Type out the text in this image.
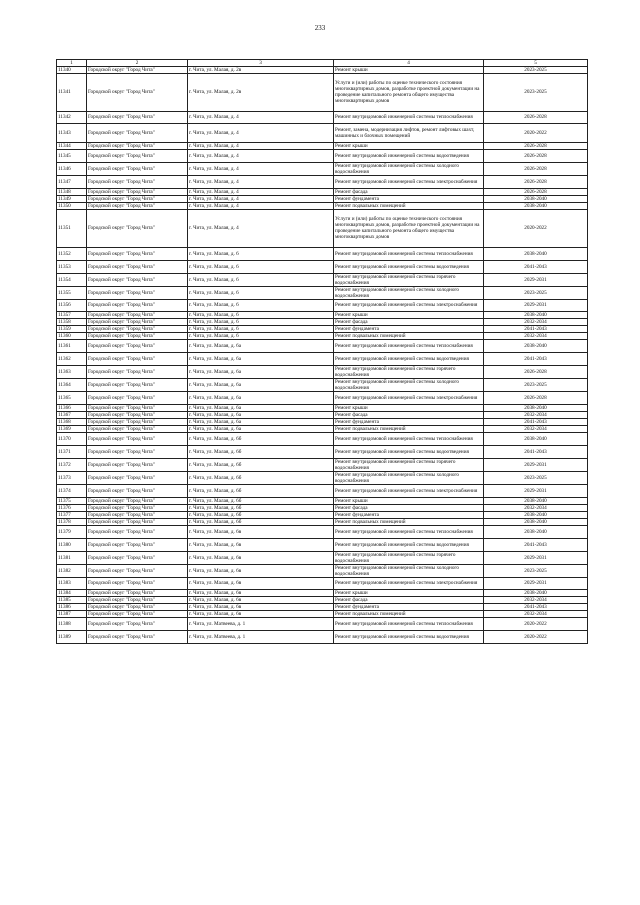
233
1	2	3	4	5
11340	Городской округ "Город Чита"	г. Чита, ул. Малая, д. 2в	Ремонт крыши	2023-2025
11341	Городской округ "Город Чита"	г. Чита, ул. Малая, д. 2в	Услуги и (или) работы по оценке технического состояния многоквартирных домов, разработке проектной документации на проведение капитального ремонта общего имущества многоквартирных домов	2023-2025
11342	Городской округ "Город Чита"	г. Чита, ул. Малая, д. 4	Ремонт внутридомовой инженерной системы теплоснабжения	2026-2028
11343	Городской округ "Город Чита"	г. Чита, ул. Малая, д. 4	Ремонт, замена, модернизация лифтов, ремонт лифтовых шахт, машинных и блочных помещений	2020-2022
11344	Городской округ "Город Чита"	г. Чита, ул. Малая, д. 4	Ремонт крыши	2026-2028
11345	Городской округ "Город Чита"	г. Чита, ул. Малая, д. 4	Ремонт внутридомовой инженерной системы водоотведения	2026-2028
11346	Городской округ "Город Чита"	г. Чита, ул. Малая, д. 4	Ремонт внутридомовой инженерной системы холодного водоснабжения	2026-2028
11347	Городской округ "Город Чита"	г. Чита, ул. Малая, д. 4	Ремонт внутридомовой инженерной системы электроснабжения	2026-2028
11348	Городской округ "Город Чита"	г. Чита, ул. Малая, д. 4	Ремонт фасада	2026-2028
11349	Городской округ "Город Чита"	г. Чита, ул. Малая, д. 4	Ремонт фундамента	2038-2040
11350	Городской округ "Город Чита"	г. Чита, ул. Малая, д. 4	Ремонт подвальных помещений	2038-2040
11351	Городской округ "Город Чита"	г. Чита, ул. Малая, д. 4	Услуги и (или) работы по оценке технического состояния многоквартирных домов, разработке проектной документации на проведение капитального ремонта общего имущества многоквартирных домов	2020-2022
11352	Городской округ "Город Чита"	г. Чита, ул. Малая, д. 6	Ремонт внутридомовой инженерной системы теплоснабжения	2038-2040
11353	Городской округ "Город Чита"	г. Чита, ул. Малая, д. 6	Ремонт внутридомовой инженерной системы водоотведения	2041-2043
11354	Городской округ "Город Чита"	г. Чита, ул. Малая, д. 6	Ремонт внутридомовой инженерной системы горячего водоснабжения	2029-2031
11355	Городской округ "Город Чита"	г. Чита, ул. Малая, д. 6	Ремонт внутридомовой инженерной системы холодного водоснабжения	2023-2025
11356	Городской округ "Город Чита"	г. Чита, ул. Малая, д. 6	Ремонт внутридомовой инженерной системы электроснабжения	2029-2031
11357	Городской округ "Город Чита"	г. Чита, ул. Малая, д. 6	Ремонт крыши	2038-2040
11358	Городской округ "Город Чита"	г. Чита, ул. Малая, д. 6	Ремонт фасада	2032-2034
11359	Городской округ "Город Чита"	г. Чита, ул. Малая, д. 6	Ремонт фундамента	2041-2043
11360	Городской округ "Город Чита"	г. Чита, ул. Малая, д. 6	Ремонт подвальных помещений	2032-2034
11361	Городской округ "Город Чита"	г. Чита, ул. Малая, д. 6а	Ремонт внутридомовой инженерной системы теплоснабжения	2038-2040
11362	Городской округ "Город Чита"	г. Чита, ул. Малая, д. 6а	Ремонт внутридомовой инженерной системы водоотведения	2041-2043
11363	Городской округ "Город Чита"	г. Чита, ул. Малая, д. 6а	Ремонт внутридомовой инженерной системы горячего водоснабжения	2026-2028
11364	Городской округ "Город Чита"	г. Чита, ул. Малая, д. 6а	Ремонт внутридомовой инженерной системы холодного водоснабжения	2023-2025
11365	Городской округ "Город Чита"	г. Чита, ул. Малая, д. 6а	Ремонт внутридомовой инженерной системы электроснабжения	2026-2028
11366	Городской округ "Город Чита"	г. Чита, ул. Малая, д. 6а	Ремонт крыши	2038-2040
11367	Городской округ "Город Чита"	г. Чита, ул. Малая, д. 6а	Ремонт фасада	2032-2034
11368	Городской округ "Город Чита"	г. Чита, ул. Малая, д. 6а	Ремонт фундамента	2041-2043
11369	Городской округ "Город Чита"	г. Чита, ул. Малая, д. 6а	Ремонт подвальных помещений	2032-2034
11370	Городской округ "Город Чита"	г. Чита, ул. Малая, д. 6б	Ремонт внутридомовой инженерной системы теплоснабжения	2038-2040
11371	Городской округ "Город Чита"	г. Чита, ул. Малая, д. 6б	Ремонт внутридомовой инженерной системы водоотведения	2041-2043
11372	Городской округ "Город Чита"	г. Чита, ул. Малая, д. 6б	Ремонт внутридомовой инженерной системы горячего водоснабжения	2029-2031
11373	Городской округ "Город Чита"	г. Чита, ул. Малая, д. 6б	Ремонт внутридомовой инженерной системы холодного водоснабжения	2023-2025
11374	Городской округ "Город Чита"	г. Чита, ул. Малая, д. 6б	Ремонт внутридомовой инженерной системы электроснабжения	2029-2031
11375	Городской округ "Город Чита"	г. Чита, ул. Малая, д. 6б	Ремонт крыши	2038-2040
11376	Городской округ "Город Чита"	г. Чита, ул. Малая, д. 6б	Ремонт фасада	2032-2034
11377	Городской округ "Город Чита"	г. Чита, ул. Малая, д. 6б	Ремонт фундамента	2038-2040
11378	Городской округ "Город Чита"	г. Чита, ул. Малая, д. 6б	Ремонт подвальных помещений	2038-2040
11379	Городской округ "Город Чита"	г. Чита, ул. Малая, д. 6в	Ремонт внутридомовой инженерной системы теплоснабжения	2038-2040
11380	Городской округ "Город Чита"	г. Чита, ул. Малая, д. 6в	Ремонт внутридомовой инженерной системы водоотведения	2041-2043
11381	Городской округ "Город Чита"	г. Чита, ул. Малая, д. 6в	Ремонт внутридомовой инженерной системы горячего водоснабжения	2029-2031
11382	Городской округ "Город Чита"	г. Чита, ул. Малая, д. 6в	Ремонт внутридомовой инженерной системы холодного водоснабжения	2023-2025
11383	Городской округ "Город Чита"	г. Чита, ул. Малая, д. 6в	Ремонт внутридомовой инженерной системы электроснабжения	2029-2031
11384	Городской округ "Город Чита"	г. Чита, ул. Малая, д. 6в	Ремонт крыши	2038-2040
11385	Городской округ "Город Чита"	г. Чита, ул. Малая, д. 6в	Ремонт фасада	2032-2034
11386	Городской округ "Город Чита"	г. Чита, ул. Малая, д. 6в	Ремонт фундамента	2041-2043
11387	Городской округ "Город Чита"	г. Чита, ул. Малая, д. 6в	Ремонт подвальных помещений	2032-2034
11388	Городской округ "Город Чита"	г. Чита, ул. Матвеева, д. 1	Ремонт внутридомовой инженерной системы теплоснабжения	2020-2022
11389	Городской округ "Город Чита"	г. Чита, ул. Матвеева, д. 1	Ремонт внутридомовой инженерной системы водоотведения	2020-2022
